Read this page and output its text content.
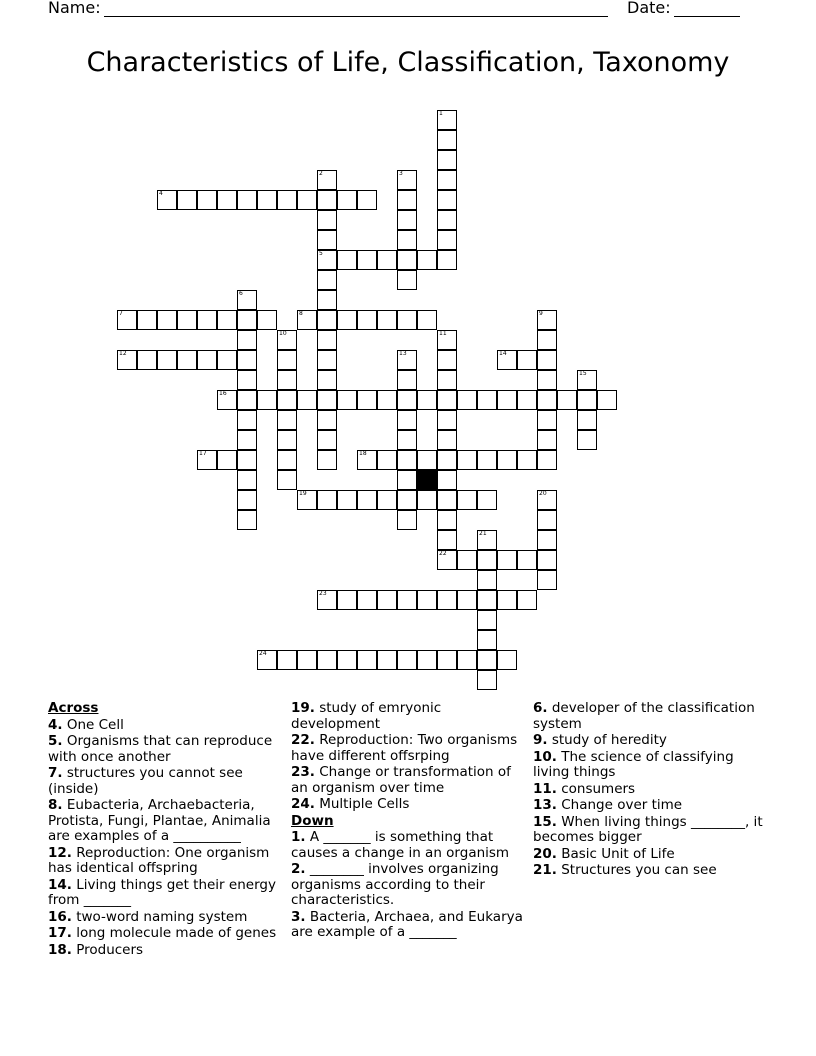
Name:	Date:
Characteristics of Life, Classification, Taxonomy
1
2
5
3
4
6
7	8	9
10	11
12	13	14
15
16
17	18
19	20
21
22
23
24
Across
4. One Cell
5. Organisms that can reproduce with once another
7. structures you cannot see (inside)
8. Eubacteria, Archaebacteria, Protista, Fungi, Plantae, Animalia are examples of a __________
12. Reproduction: One organism has identical offspring
14. Living things get their energy from _______
16. two-word naming system
17. long molecule made of genes
18. Producers
19. study of emryonic development
22. Reproduction: Two organisms have different offsrping
23. Change or transformation of an organism over time
24. Multiple Cells
Down
1. A _______ is something that causes a change in an organism
2. ________ involves organizing organisms according to their characteristics.
3. Bacteria, Archaea, and Eukarya are example of a _______
6. developer of the classification system
9. study of heredity
10. The science of classifying living things
11. consumers
13. Change over time
15. When living things ________, it becomes bigger
20. Basic Unit of Life
21. Structures you can see
